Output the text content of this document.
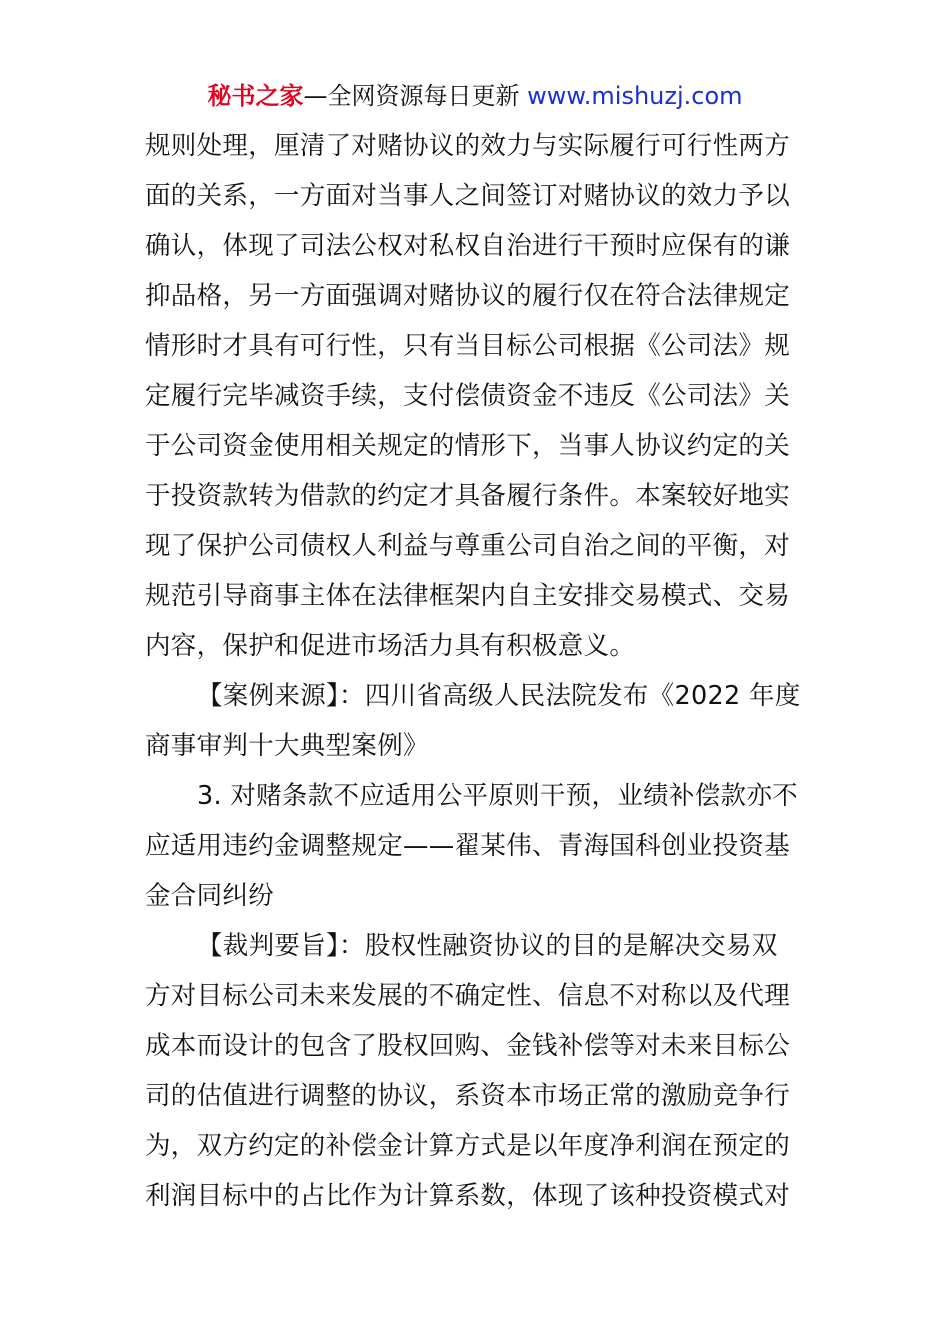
秘书之家—全网资源每日更新 www.mishuzj.com
规则处理，厘清了对赌协议的效力与实际履行可行性两方
面的关系，一方面对当事人之间签订对赌协议的效力予以
确认，体现了司法公权对私权自治进行干预时应保有的谦
抑品格，另一方面强调对赌协议的履行仅在符合法律规定
情形时才具有可行性，只有当目标公司根据《公司法》规
定履行完毕减资手续，支付偿债资金不违反《公司法》关
于公司资金使用相关规定的情形下，当事人协议约定的关
于投资款转为借款的约定才具备履行条件。本案较好地实
现了保护公司债权人利益与尊重公司自治之间的平衡，对
规范引导商事主体在法律框架内自主安排交易模式、交易
内容，保护和促进市场活力具有积极意义。
【案例来源】：四川省高级人民法院发布《2022 年度
商事审判十大典型案例》
3. 对赌条款不应适用公平原则干预，业绩补偿款亦不
应适用违约金调整规定——翟某伟、青海国科创业投资基
金合同纠纷
【裁判要旨】：股权性融资协议的目的是解决交易双
方对目标公司未来发展的不确定性、信息不对称以及代理
成本而设计的包含了股权回购、金钱补偿等对未来目标公
司的估值进行调整的协议，系资本市场正常的激励竞争行
为，双方约定的补偿金计算方式是以年度净利润在预定的
利润目标中的占比作为计算系数，体现了该种投资模式对
